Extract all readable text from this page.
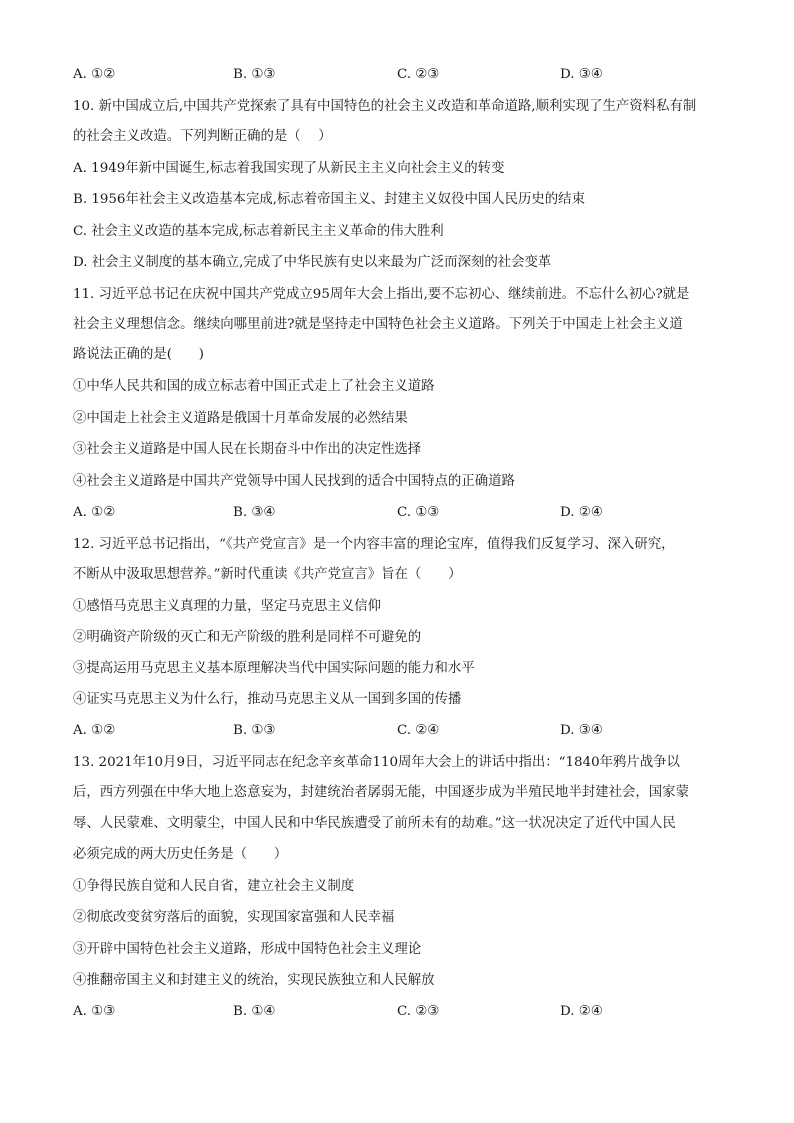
A. ①②	B. ①③	C. ②③	D. ③④
10. 新中国成立后,中国共产党探索了具有中国特色的社会主义改造和革命道路,顺利实现了生产资料私有制
的社会主义改造。下列判断正确的是（　 ）
A. 1949年新中国诞生,标志着我国实现了从新民主主义向社会主义的转变
B. 1956年社会主义改造基本完成,标志着帝国主义、封建主义奴役中国人民历史的结束
C. 社会主义改造的基本完成,标志着新民主主义革命的伟大胜利
D. 社会主义制度的基本确立,完成了中华民族有史以来最为广泛而深刻的社会变革
11. 习近平总书记在庆祝中国共产党成立95周年大会上指出,要不忘初心、继续前进。不忘什么初心?就是
社会主义理想信念。继续向哪里前进?就是坚持走中国特色社会主义道路。下列关于中国走上社会主义道
路说法正确的是(　　)
①中华人民共和国的成立标志着中国正式走上了社会主义道路
②中国走上社会主义道路是俄国十月革命发展的必然结果
③社会主义道路是中国人民在长期奋斗中作出的决定性选择
④社会主义道路是中国共产党领导中国人民找到的适合中国特点的正确道路
A. ①②	B. ③④	C. ①③	D. ②④
12. 习近平总书记指出，“《共产党宣言》是一个内容丰富的理论宝库，值得我们反复学习、深入研究，
不断从中汲取思想营养。”新时代重读《共产党宣言》旨在（　　）
①感悟马克思主义真理的力量，坚定马克思主义信仰
②明确资产阶级的灭亡和无产阶级的胜利是同样不可避免的
③提高运用马克思主义基本原理解决当代中国实际问题的能力和水平
④证实马克思主义为什么行，推动马克思主义从一国到多国的传播
A. ①②	B. ①③	C. ②④	D. ③④
13. 2021年10月9日，习近平同志在纪念辛亥革命110周年大会上的讲话中指出：“1840年鸦片战争以
后，西方列强在中华大地上恣意妄为，封建统治者孱弱无能，中国逐步成为半殖民地半封建社会，国家蒙
辱、人民蒙难、文明蒙尘，中国人民和中华民族遭受了前所未有的劫难。”这一状况决定了近代中国人民
必须完成的两大历史任务是（　　）
①争得民族自觉和人民自省，建立社会主义制度
②彻底改变贫穷落后的面貌，实现国家富强和人民幸福
③开辟中国特色社会主义道路，形成中国特色社会主义理论
④推翻帝国主义和封建主义的统治，实现民族独立和人民解放
A. ①③	B. ①④	C. ②③	D. ②④
